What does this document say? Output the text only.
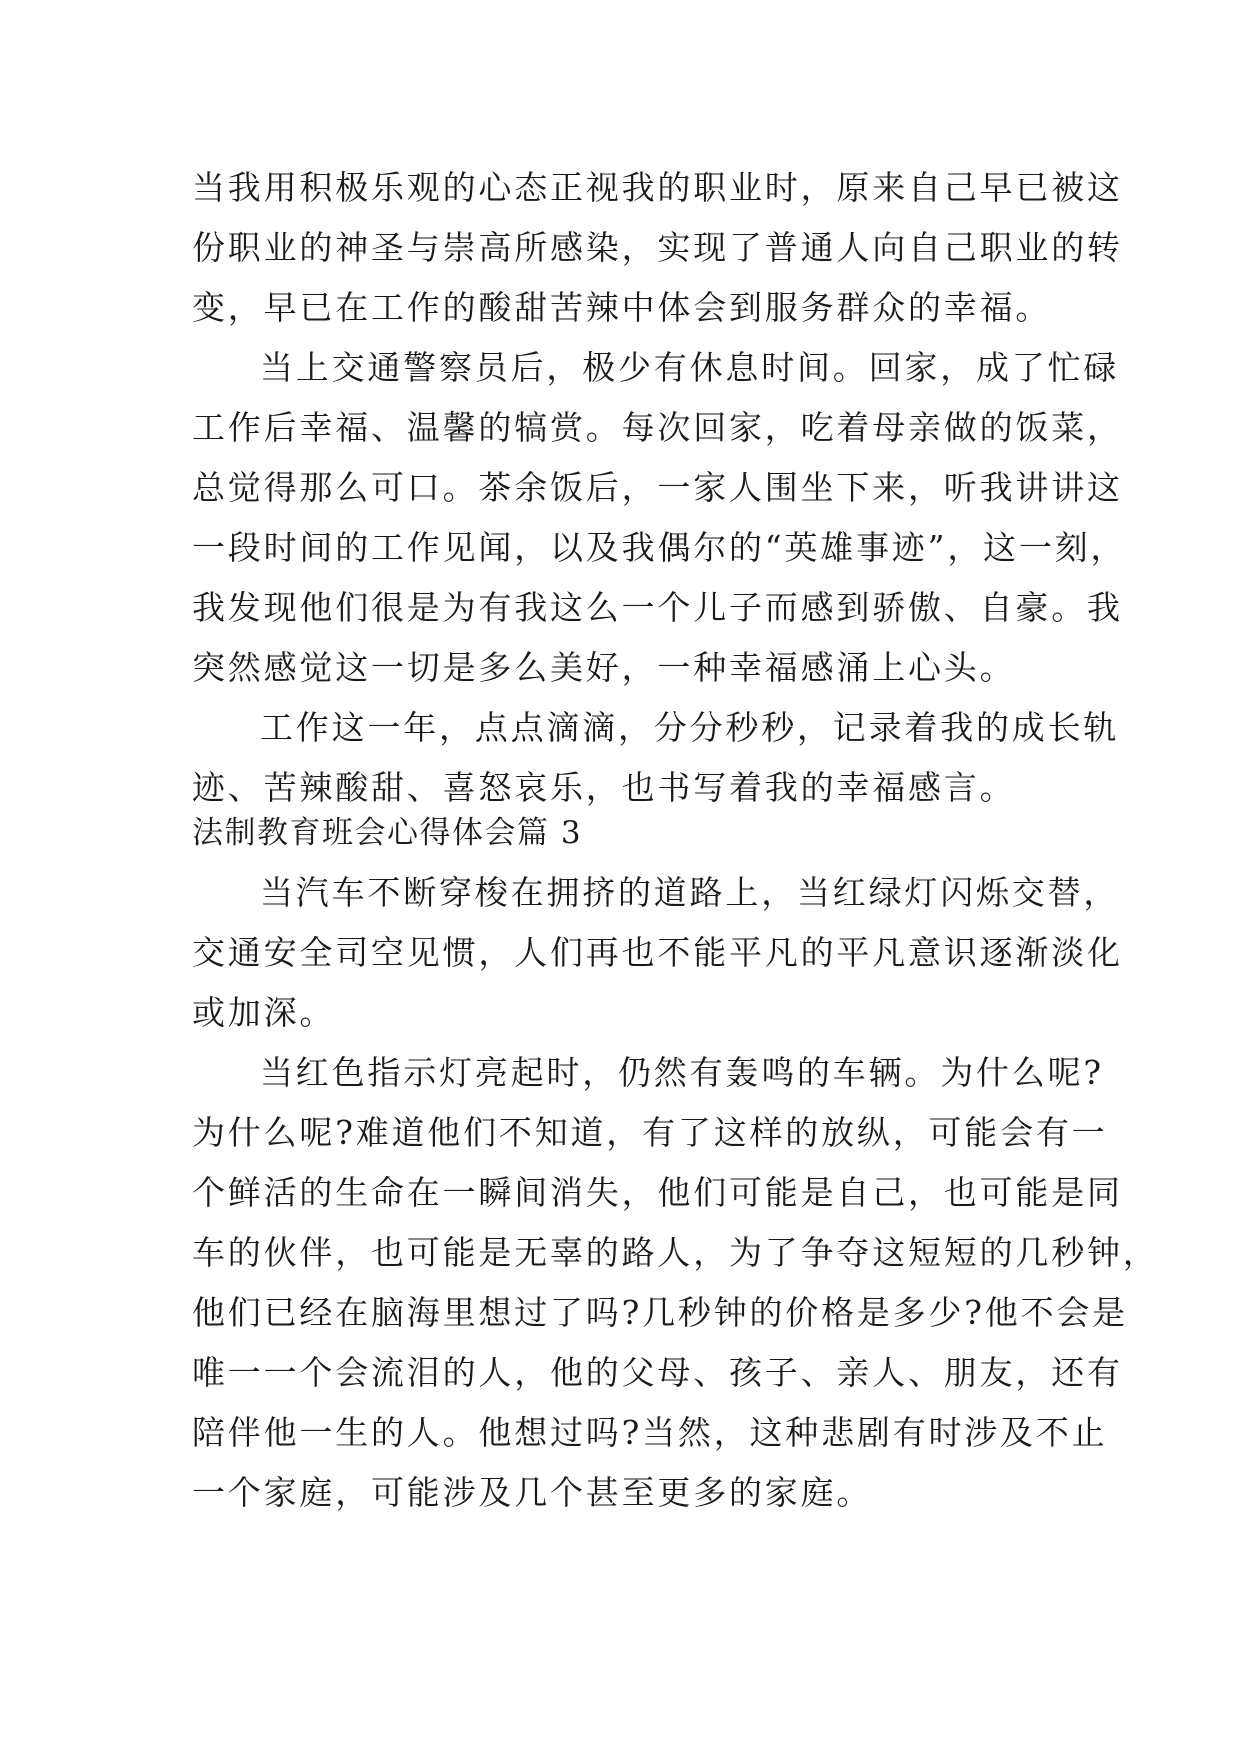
当我用积极乐观的心态正视我的职业时，原来自己早已被这
份职业的神圣与崇高所感染，实现了普通人向自己职业的转
变，早已在工作的酸甜苦辣中体会到服务群众的幸福。
当上交通警察员后，极少有休息时间。回家，成了忙碌
工作后幸福、温馨的犒赏。每次回家，吃着母亲做的饭菜，
总觉得那么可口。茶余饭后，一家人围坐下来，听我讲讲这
一段时间的工作见闻，以及我偶尔的“英雄事迹”，这一刻，
我发现他们很是为有我这么一个儿子而感到骄傲、自豪。我
突然感觉这一切是多么美好，一种幸福感涌上心头。
工作这一年，点点滴滴，分分秒秒，记录着我的成长轨
迹、苦辣酸甜、喜怒哀乐，也书写着我的幸福感言。
法制教育班会心得体会篇 3
当汽车不断穿梭在拥挤的道路上，当红绿灯闪烁交替，
交通安全司空见惯，人们再也不能平凡的平凡意识逐渐淡化
或加深。
当红色指示灯亮起时，仍然有轰鸣的车辆。为什么呢?
为什么呢?难道他们不知道，有了这样的放纵，可能会有一
个鲜活的生命在一瞬间消失，他们可能是自己，也可能是同
车的伙伴，也可能是无辜的路人，为了争夺这短短的几秒钟，
他们已经在脑海里想过了吗?几秒钟的价格是多少?他不会是
唯一一个会流泪的人，他的父母、孩子、亲人、朋友，还有
陪伴他一生的人。他想过吗?当然，这种悲剧有时涉及不止
一个家庭，可能涉及几个甚至更多的家庭。
